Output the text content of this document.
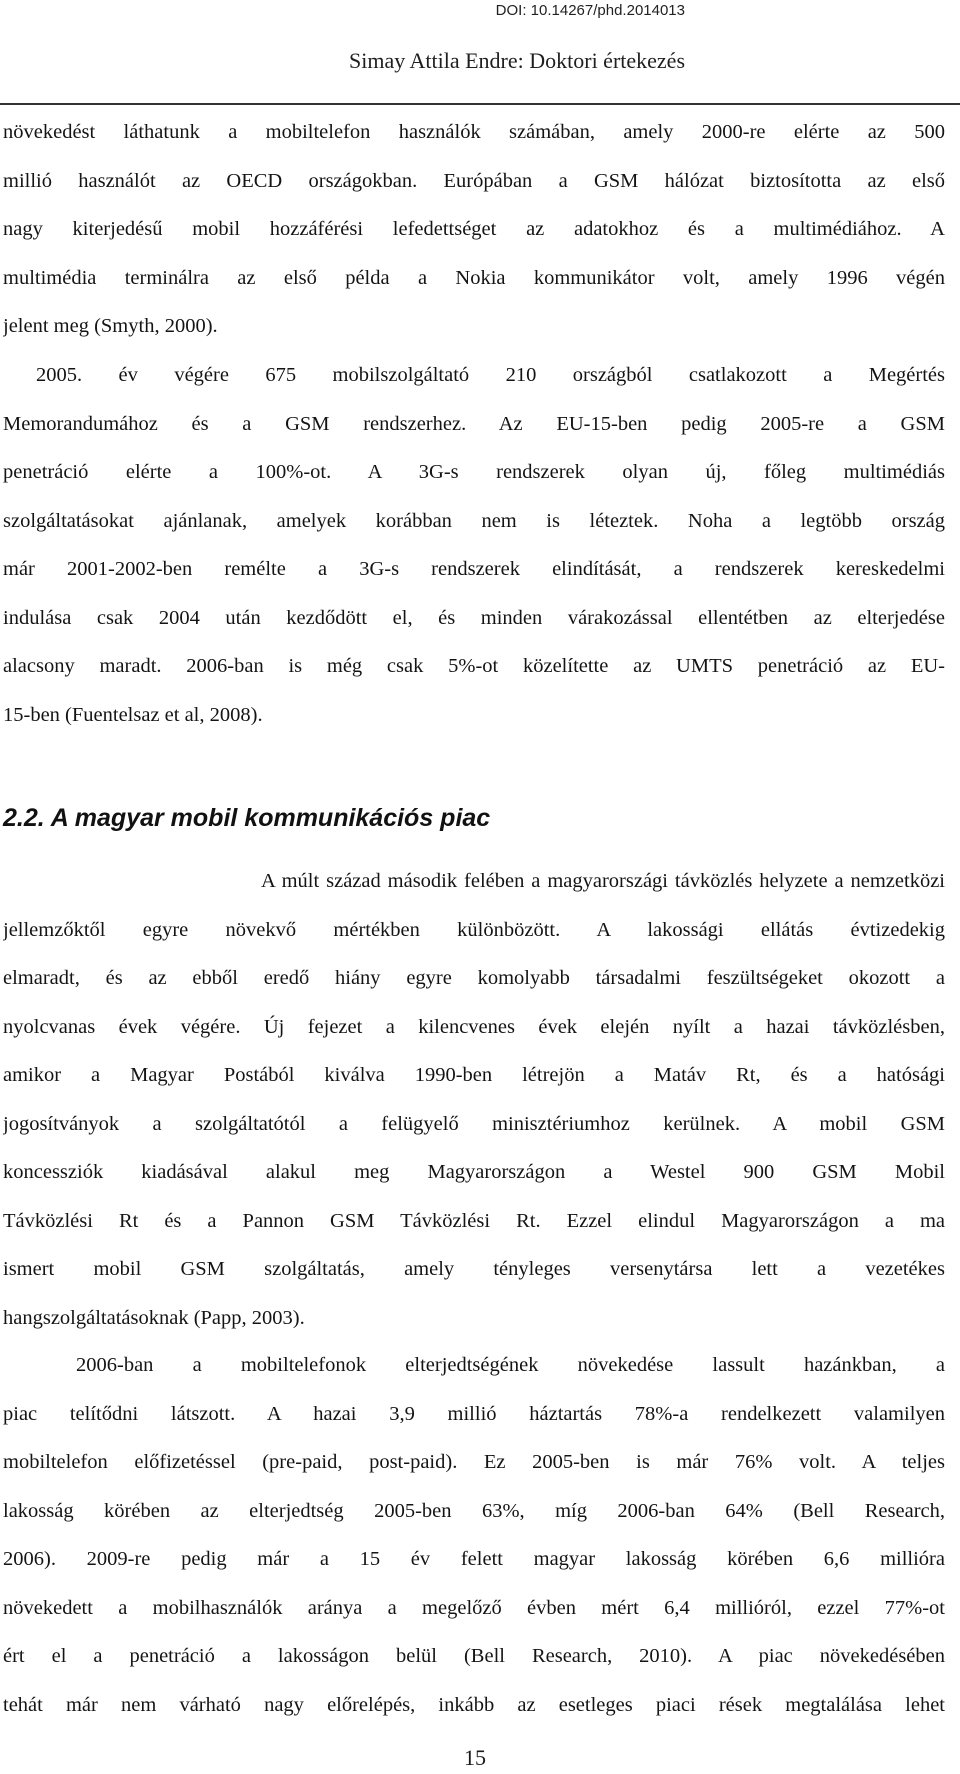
DOI: 10.14267/phd.2014013
Simay Attila Endre: Doktori értekezés
növekedést láthatunk a mobiltelefon használók számában, amely 2000-re elérte az 500
millió használót az OECD országokban. Európában a GSM hálózat biztosította az első
nagy kiterjedésű mobil hozzáférési lefedettséget az adatokhoz és a multimédiához. A
multimédia terminálra az első példa a Nokia kommunikátor volt, amely 1996 végén
jelent meg (Smyth, 2000).
2005. év végére 675 mobilszolgáltató 210 országból csatlakozott a Megértés
Memorandumához és a GSM rendszerhez. Az EU-15-ben pedig 2005-re a GSM
penetráció elérte a 100%-ot. A 3G-s rendszerek olyan új, főleg multimédiás
szolgáltatásokat ajánlanak, amelyek korábban nem is léteztek. Noha a legtöbb ország
már 2001-2002-ben remélte a 3G-s rendszerek elindítását, a rendszerek kereskedelmi
indulása csak 2004 után kezdődött el, és minden várakozással ellentétben az elterjedése
alacsony maradt. 2006-ban is még csak 5%-ot közelítette az UMTS penetráció az EU-
15-ben (Fuentelsaz et al, 2008).
2.2. A magyar mobil kommunikációs piac
A múlt század második felében a magyarországi távközlés helyzete a nemzetközi
jellemzőktől egyre növekvő mértékben különbözött. A lakossági ellátás évtizedekig
elmaradt, és az ebből eredő hiány egyre komolyabb társadalmi feszültségeket okozott a
nyolcvanas évek végére. Új fejezet a kilencvenes évek elején nyílt a hazai távközlésben,
amikor a Magyar Postából kiválva 1990-ben létrejön a Matáv Rt, és a hatósági
jogosítványok a szolgáltatótól a felügyelő minisztériumhoz kerülnek. A mobil GSM
koncessziók kiadásával alakul meg Magyarországon a Westel 900 GSM Mobil
Távközlési Rt és a Pannon GSM Távközlési Rt. Ezzel elindul Magyarországon a ma
ismert mobil GSM szolgáltatás, amely tényleges versenytársa lett a vezetékes
hangszolgáltatásoknak (Papp, 2003).
2006-ban a mobiltelefonok elterjedtségének növekedése lassult hazánkban, a
piac telítődni látszott. A hazai 3,9 millió háztartás 78%-a rendelkezett valamilyen
mobiltelefon előfizetéssel (pre-paid, post-paid). Ez 2005-ben is már 76% volt. A teljes
lakosság körében az elterjedtség 2005-ben 63%, míg 2006-ban 64% (Bell Research,
2006). 2009-re pedig már a 15 év felett magyar lakosság körében 6,6 millióra
növekedett a mobilhasználók aránya a megelőző évben mért 6,4 millióról, ezzel 77%-ot
ért el a penetráció a lakosságon belül (Bell Research, 2010). A piac növekedésében
tehát már nem várható nagy előrelépés, inkább az esetleges piaci rések megtalálása lehet
15
